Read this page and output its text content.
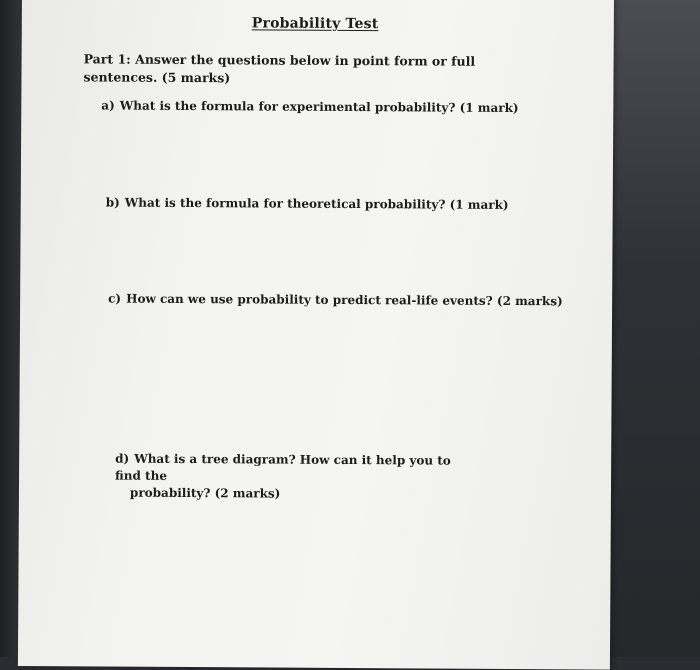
Probability Test
Part 1: Answer the questions below in point form or full sentences. (5 marks)
a) What is the formula for experimental probability? (1 mark)
b) What is the formula for theoretical probability? (1 mark)
c) How can we use probability to predict real-life events? (2 marks)
d) What is a tree diagram? How can it help you to find the
probability? (2 marks)
